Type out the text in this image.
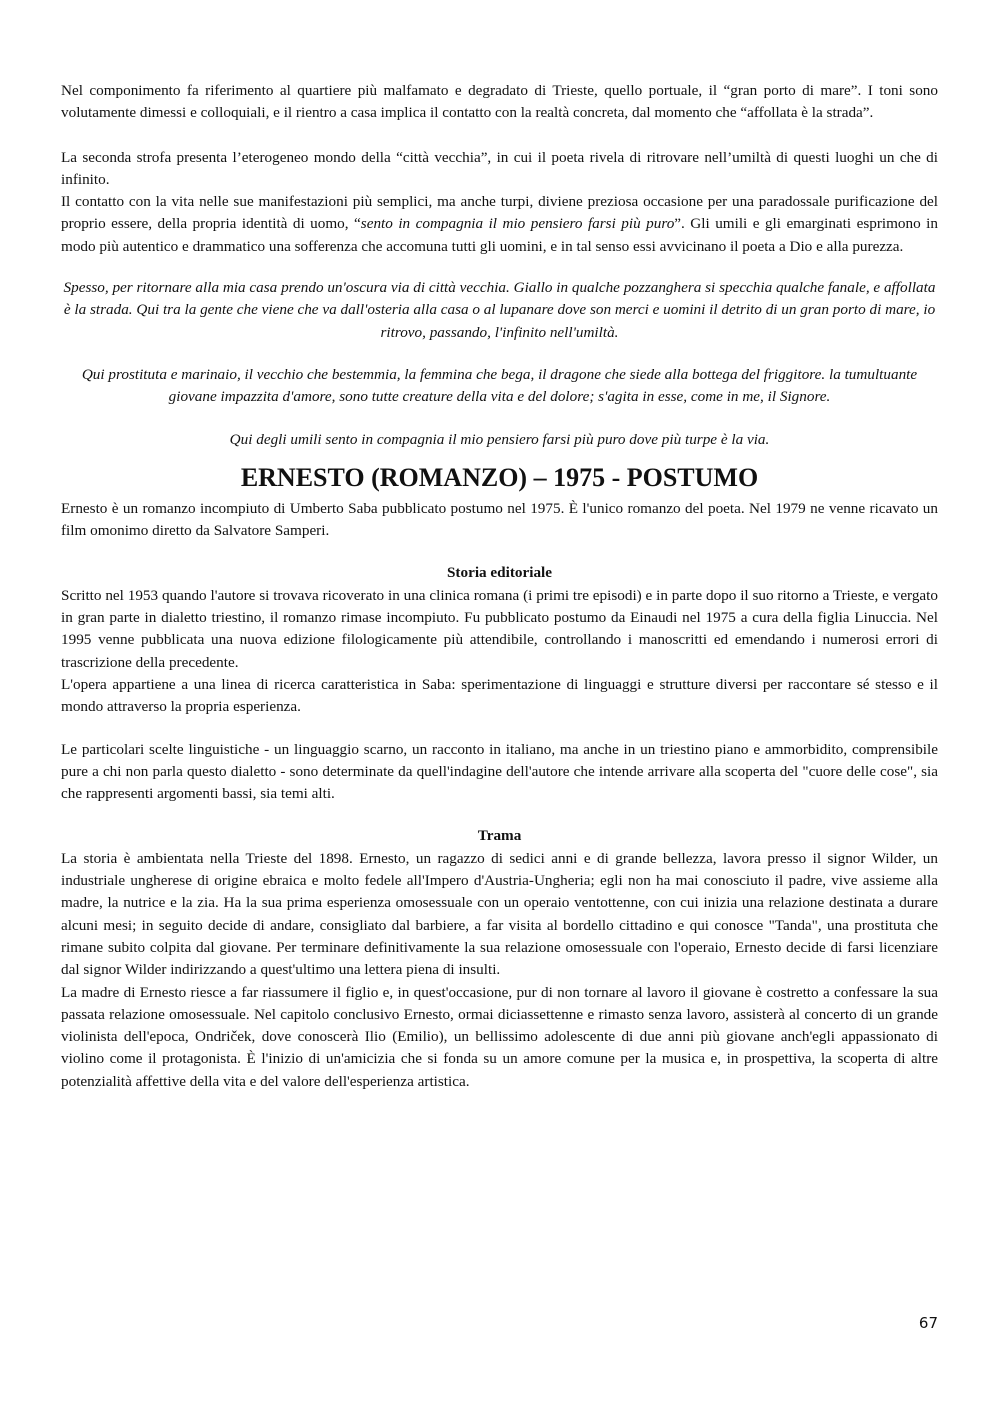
Nel componimento fa riferimento al quartiere più malfamato e degradato di Trieste, quello portuale, il “gran porto di mare”. I toni sono volutamente dimessi e colloquiali, e il rientro a casa implica il contatto con la realtà concreta, dal momento che “affollata è la strada”.

La seconda strofa presenta l’eterogeneo mondo della “città vecchia”, in cui il poeta rivela di ritrovare nell’umiltà di questi luoghi un che di infinito.

Il contatto con la vita nelle sue manifestazioni più semplici, ma anche turpi, diviene preziosa occasione per una paradossale purificazione del proprio essere, della propria identità di uomo, “sento in compagnia il mio pensiero farsi più puro”. Gli umili e gli emarginati esprimono in modo più autentico e drammatico una sofferenza che accomuna tutti gli uomini, e in tal senso essi avvicinano il poeta a Dio e alla purezza.

Spesso, per ritornare alla mia casa prendo un'oscura via di città vecchia. Giallo in qualche pozzanghera si specchia qualche fanale, e affollata è la strada. Qui tra la gente che viene che va dall'osteria alla casa o al lupanare dove son merci e uomini il detrito di un gran porto di mare, io ritrovo, passando, l'infinito nell'umiltà.

Qui prostituta e marinaio, il vecchio che bestemmia, la femmina che bega, il dragone che siede alla bottega del friggitore. la tumultuante giovane impazzita d'amore, sono tutte creature della vita e del dolore; s'agita in esse, come in me, il Signore.

Qui degli umili sento in compagnia il mio pensiero farsi più puro dove più turpe è la via.

ERNESTO (ROMANZO) – 1975 - POSTUMO

Ernesto è un romanzo incompiuto di Umberto Saba pubblicato postumo nel 1975. È l'unico romanzo del poeta. Nel 1979 ne venne ricavato un film omonimo diretto da Salvatore Samperi.

Storia editoriale

Scritto nel 1953 quando l'autore si trovava ricoverato in una clinica romana (i primi tre episodi) e in parte dopo il suo ritorno a Trieste, e vergato in gran parte in dialetto triestino, il romanzo rimase incompiuto. Fu pubblicato postumo da Einaudi nel 1975 a cura della figlia Linuccia. Nel 1995 venne pubblicata una nuova edizione filologicamente più attendibile, controllando i manoscritti ed emendando i numerosi errori di trascrizione della precedente.

L'opera appartiene a una linea di ricerca caratteristica in Saba: sperimentazione di linguaggi e strutture diversi per raccontare sé stesso e il mondo attraverso la propria esperienza.

Le particolari scelte linguistiche - un linguaggio scarno, un racconto in italiano, ma anche in un triestino piano e ammorbidito, comprensibile pure a chi non parla questo dialetto - sono determinate da quell'indagine dell'autore che intende arrivare alla scoperta del "cuore delle cose", sia che rappresenti argomenti bassi, sia temi alti.

Trama

La storia è ambientata nella Trieste del 1898. Ernesto, un ragazzo di sedici anni e di grande bellezza, lavora presso il signor Wilder, un industriale ungherese di origine ebraica e molto fedele all'Impero d'Austria-Ungheria; egli non ha mai conosciuto il padre, vive assieme alla madre, la nutrice e la zia. Ha la sua prima esperienza omosessuale con un operaio ventottenne, con cui inizia una relazione destinata a durare alcuni mesi; in seguito decide di andare, consigliato dal barbiere, a far visita al bordello cittadino e qui conosce "Tanda", una prostituta che rimane subito colpita dal giovane. Per terminare definitivamente la sua relazione omosessuale con l'operaio, Ernesto decide di farsi licenziare dal signor Wilder indirizzando a quest'ultimo una lettera piena di insulti.

La madre di Ernesto riesce a far riassumere il figlio e, in quest'occasione, pur di non tornare al lavoro il giovane è costretto a confessare la sua passata relazione omosessuale. Nel capitolo conclusivo Ernesto, ormai diciassettenne e rimasto senza lavoro, assisterà al concerto di un grande violinista dell'epoca, Ondriček, dove conoscerà Ilio (Emilio), un bellissimo adolescente di due anni più giovane anch'egli appassionato di violino come il protagonista. È l'inizio di un'amicizia che si fonda su un amore comune per la musica e, in prospettiva, la scoperta di altre potenzialità affettive della vita e del valore dell'esperienza artistica.

67
